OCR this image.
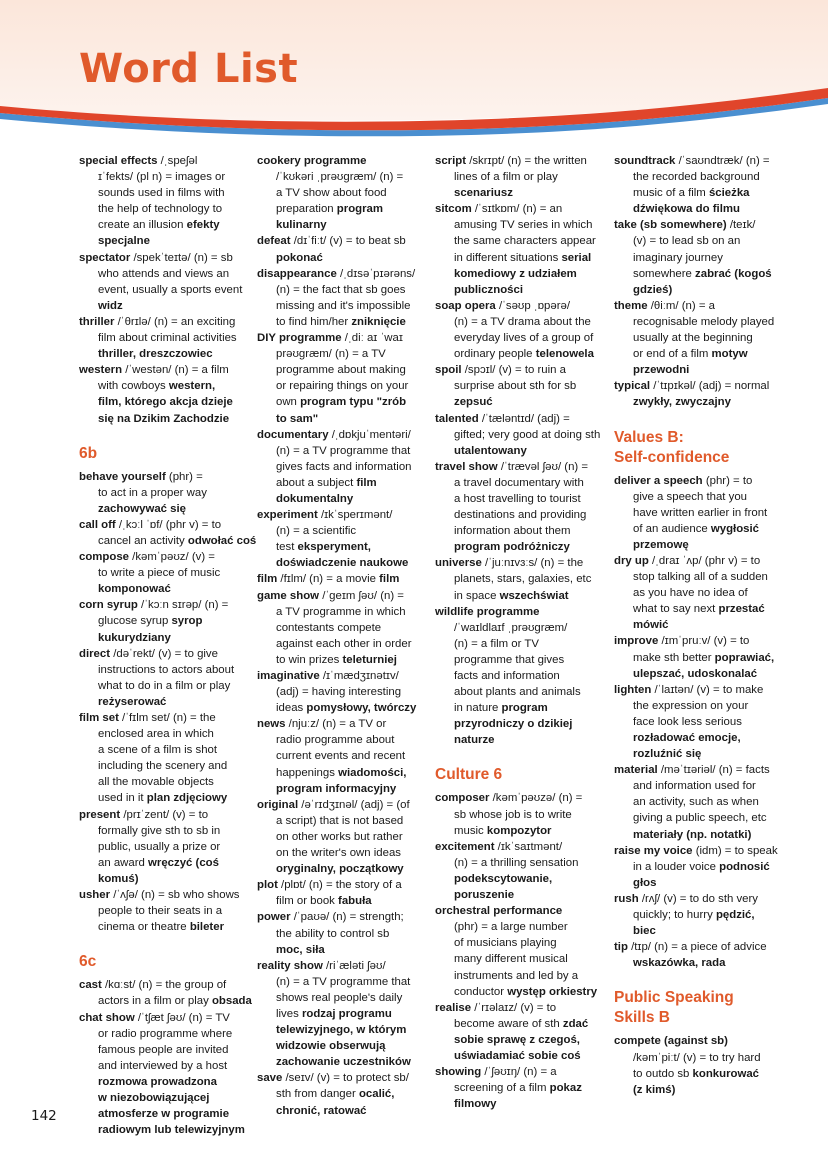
Word List
special effects /ˌspeʃəl
ɪˈfekts/ (pl n) = images or
sounds used in films with
the help of technology to
create an illusion efekty
specjalne
spectator /spekˈteɪtə/ (n) = sb
who attends and views an
event, usually a sports event
widz
thriller /ˈθrɪlə/ (n) = an exciting
film about criminal activities
thriller, dreszczowiec
western /ˈwestən/ (n) = a film
with cowboys western,
film, którego akcja dzieje
się na Dzikim Zachodzie
6b
behave yourself (phr) =
to act in a proper way
zachowywać się
call off /ˌkɔːl ˈɒf/ (phr v) = to
cancel an activity odwołać coś
compose /kəmˈpəʊz/ (v) =
to write a piece of music
komponować
corn syrup /ˈkɔːn sɪrəp/ (n) =
glucose syrup syrop
kukurydziany
direct /dəˈrekt/ (v) = to give
instructions to actors about
what to do in a film or play
reżyserować
film set /ˈfɪlm set/ (n) = the
enclosed area in which
a scene of a film is shot
including the scenery and
all the movable objects
used in it plan zdjęciowy
present /prɪˈzent/ (v) = to
formally give sth to sb in
public, usually a prize or
an award wręczyć (coś
komuś)
usher /ˈʌʃə/ (n) = sb who shows
people to their seats in a
cinema or theatre bileter
6c
cast /kɑːst/ (n) = the group of
actors in a film or play obsada
chat show /ˈtʃæt ʃəʊ/ (n) = TV
or radio programme where
famous people are invited
and interviewed by a host
rozmowa prowadzona
w niezobowiązującej
atmosferze w programie
radiowym lub telewizyjnym
cookery programme
/ˈkʊkəri ˌprəʊɡræm/ (n) =
a TV show about food
preparation program
kulinarny
defeat /dɪˈfiːt/ (v) = to beat sb
pokonać
disappearance /ˌdɪsəˈpɪərəns/
(n) = the fact that sb goes
missing and it's impossible
to find him/her zniknięcie
DIY programme /ˌdiː aɪ ˈwaɪ
prəʊɡræm/ (n) = a TV
programme about making
or repairing things on your
own program typu "zrób
to sam"
documentary /ˌdɒkjuˈmentəri/
(n) = a TV programme that
gives facts and information
about a subject film
dokumentalny
experiment /ɪkˈsperɪmənt/
(n) = a scientific
test eksperyment,
doświadczenie naukowe
film /fɪlm/ (n) = a movie film
game show /ˈɡeɪm ʃəʊ/ (n) =
a TV programme in which
contestants compete
against each other in order
to win prizes teleturniej
imaginative /ɪˈmædʒɪnətɪv/
(adj) = having interesting
ideas pomysłowy, twórczy
news /njuːz/ (n) = a TV or
radio programme about
current events and recent
happenings wiadomości,
program informacyjny
original /əˈrɪdʒɪnəl/ (adj) = (of
a script) that is not based
on other works but rather
on the writer's own ideas
oryginalny, początkowy
plot /plɒt/ (n) = the story of a
film or book fabuła
power /ˈpaʊə/ (n) = strength;
the ability to control sb
moc, siła
reality show /riˈæləti ʃəʊ/
(n) = a TV programme that
shows real people's daily
lives rodzaj programu
telewizyjnego, w którym
widzowie obserwują
zachowanie uczestników
save /seɪv/ (v) = to protect sb/
sth from danger ocalić,
chronić, ratować
script /skrɪpt/ (n) = the written
lines of a film or play
scenariusz
sitcom /ˈsɪtkɒm/ (n) = an
amusing TV series in which
the same characters appear
in different situations serial
komediowy z udziałem
publiczności
soap opera /ˈsəʊp ˌɒpərə/
(n) = a TV drama about the
everyday lives of a group of
ordinary people telenowela
spoil /spɔɪl/ (v) = to ruin a
surprise about sth for sb
zepsuć
talented /ˈtæləntɪd/ (adj) =
gifted; very good at doing sth
utalentowany
travel show /ˈtrævəl ʃəʊ/ (n) =
a travel documentary with
a host travelling to tourist
destinations and providing
information about them
program podróżniczy
universe /ˈjuːnɪvɜːs/ (n) = the
planets, stars, galaxies, etc
in space wszechświat
wildlife programme
/ˈwaɪldlaɪf ˌprəʊɡræm/
(n) = a film or TV
programme that gives
facts and information
about plants and animals
in nature program
przyrodniczy o dzikiej
naturze
Culture 6
composer /kəmˈpəʊzə/ (n) =
sb whose job is to write
music kompozytor
excitement /ɪkˈsaɪtmənt/
(n) = a thrilling sensation
podekscytowanie,
poruszenie
orchestral performance
(phr) = a large number
of musicians playing
many different musical
instruments and led by a
conductor występ orkiestry
realise /ˈrɪəlaɪz/ (v) = to
become aware of sth zdać
sobie sprawę z czegoś,
uświadamiać sobie coś
showing /ˈʃəʊɪŋ/ (n) = a
screening of a film pokaz
filmowy
soundtrack /ˈsaʊndtræk/ (n) =
the recorded background
music of a film ścieżka
dźwiękowa do filmu
take (sb somewhere) /teɪk/
(v) = to lead sb on an
imaginary journey
somewhere zabrać (kogoś
gdzieś)
theme /θiːm/ (n) = a
recognisable melody played
usually at the beginning
or end of a film motyw
przewodni
typical /ˈtɪpɪkəl/ (adj) = normal
zwykły, zwyczajny
Values B:
Self-confidence
deliver a speech (phr) = to
give a speech that you
have written earlier in front
of an audience wygłosić
przemowę
dry up /ˌdraɪ ˈʌp/ (phr v) = to
stop talking all of a sudden
as you have no idea of
what to say next przestać
mówić
improve /ɪmˈpruːv/ (v) = to
make sth better poprawiać,
ulepszać, udoskonalać
lighten /ˈlaɪtən/ (v) = to make
the expression on your
face look less serious
rozładować emocje,
rozluźnić się
material /məˈtɪəriəl/ (n) = facts
and information used for
an activity, such as when
giving a public speech, etc
materiały (np. notatki)
raise my voice (idm) = to speak
in a louder voice podnosić
głos
rush /rʌʃ/ (v) = to do sth very
quickly; to hurry pędzić,
biec
tip /tɪp/ (n) = a piece of advice
wskazówka, rada
Public Speaking
Skills B
compete (against sb)
/kəmˈpiːt/ (v) = to try hard
to outdo sb konkurować
(z kimś)
142
